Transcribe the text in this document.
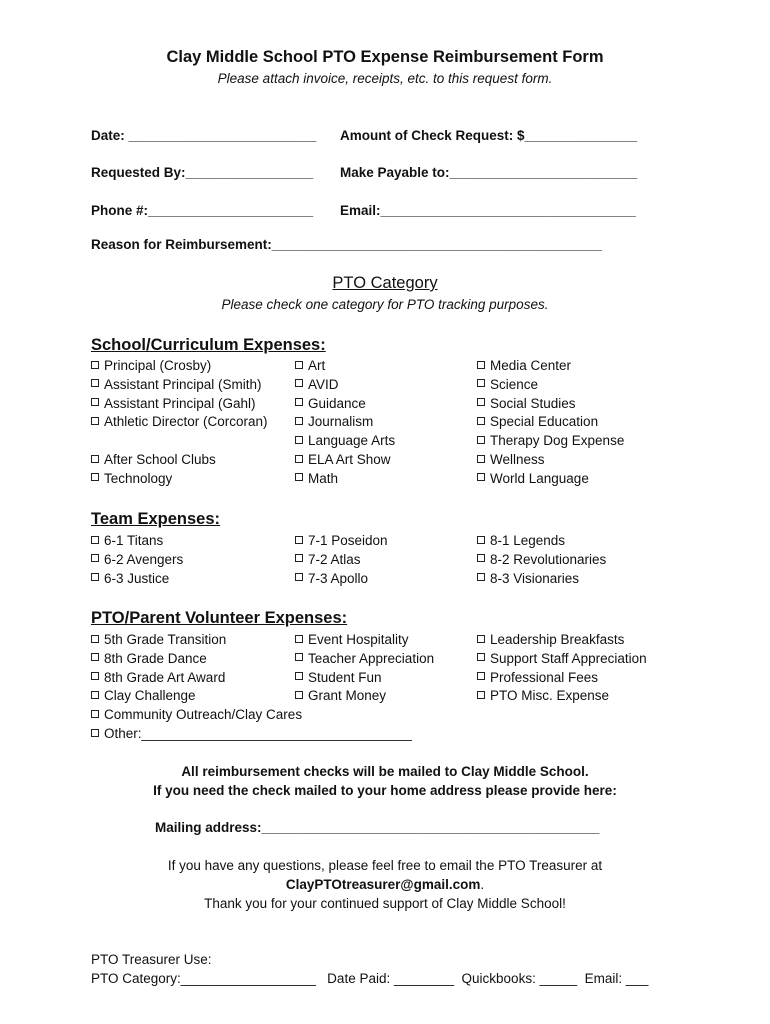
Clay Middle School PTO Expense Reimbursement Form
Please attach invoice, receipts, etc. to this request form.
Date: _________________________ Amount of Check Request: $_______________
Requested By:_________________ Make Payable to:_________________________
Phone #:______________________ Email:__________________________________
Reason for Reimbursement:____________________________________________
PTO Category
Please check one category for PTO tracking purposes.
School/Curriculum Expenses:
Principal (Crosby)
Assistant Principal (Smith)
Assistant Principal (Gahl)
Athletic Director (Corcoran)
After School Clubs
Technology
Art
AVID
Guidance
Journalism
Language Arts
ELA Art Show
Math
Media Center
Science
Social Studies
Special Education
Therapy Dog Expense
Wellness
World Language
Team Expenses:
6-1 Titans
6-2 Avengers
6-3 Justice
7-1 Poseidon
7-2 Atlas
7-3 Apollo
8-1 Legends
8-2 Revolutionaries
8-3 Visionaries
PTO/Parent Volunteer Expenses:
5th Grade Transition
8th Grade Dance
8th Grade Art Award
Clay Challenge
Community Outreach/Clay Cares
Other:____________________________________
Event Hospitality
Teacher Appreciation
Student Fun
Grant Money
Leadership Breakfasts
Support Staff Appreciation
Professional Fees
PTO Misc. Expense
All reimbursement checks will be mailed to Clay Middle School.
If you need the check mailed to your home address please provide here:
Mailing address:_____________________________________________
If you have any questions, please feel free to email the PTO Treasurer at
ClayPTOtreasurer@gmail.com.
Thank you for your continued support of Clay Middle School!
PTO Treasurer Use:
PTO Category:__________________   Date Paid: ________  Quickbooks: _____  Email: ___
